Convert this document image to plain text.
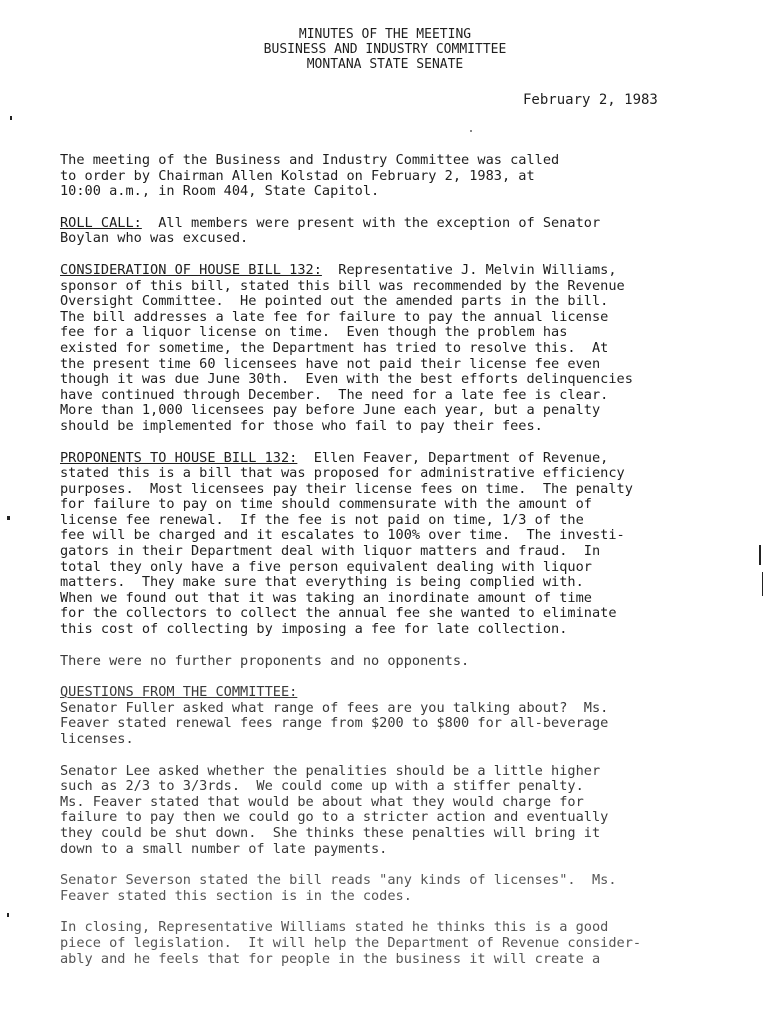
MINUTES OF THE MEETING
BUSINESS AND INDUSTRY COMMITTEE
MONTANA STATE SENATE
February 2, 1983
The meeting of the Business and Industry Committee was called
to order by Chairman Allen Kolstad on February 2, 1983, at
10:00 a.m., in Room 404, State Capitol.
ROLL CALL:  All members were present with the exception of Senator
Boylan who was excused.
CONSIDERATION OF HOUSE BILL 132:  Representative J. Melvin Williams,
sponsor of this bill, stated this bill was recommended by the Revenue
Oversight Committee.  He pointed out the amended parts in the bill.
The bill addresses a late fee for failure to pay the annual license
fee for a liquor license on time.  Even though the problem has
existed for sometime, the Department has tried to resolve this.  At
the present time 60 licensees have not paid their license fee even
though it was due June 30th.  Even with the best efforts delinquencies
have continued through December.  The need for a late fee is clear.
More than 1,000 licensees pay before June each year, but a penalty
should be implemented for those who fail to pay their fees.
PROPONENTS TO HOUSE BILL 132:  Ellen Feaver, Department of Revenue,
stated this is a bill that was proposed for administrative efficiency
purposes.  Most licensees pay their license fees on time.  The penalty
for failure to pay on time should commensurate with the amount of
license fee renewal.  If the fee is not paid on time, 1/3 of the
fee will be charged and it escalates to 100% over time.  The investi-
gators in their Department deal with liquor matters and fraud.  In
total they only have a five person equivalent dealing with liquor
matters.  They make sure that everything is being complied with.
When we found out that it was taking an inordinate amount of time
for the collectors to collect the annual fee she wanted to eliminate
this cost of collecting by imposing a fee for late collection.
There were no further proponents and no opponents.
QUESTIONS FROM THE COMMITTEE:
Senator Fuller asked what range of fees are you talking about?  Ms.
Feaver stated renewal fees range from $200 to $800 for all-beverage
licenses.
Senator Lee asked whether the penalities should be a little higher
such as 2/3 to 3/3rds.  We could come up with a stiffer penalty.
Ms. Feaver stated that would be about what they would charge for
failure to pay then we could go to a stricter action and eventually
they could be shut down.  She thinks these penalties will bring it
down to a small number of late payments.
Senator Severson stated the bill reads "any kinds of licenses".  Ms.
Feaver stated this section is in the codes.
In closing, Representative Williams stated he thinks this is a good
piece of legislation.  It will help the Department of Revenue consider-
ably and he feels that for people in the business it will create a
